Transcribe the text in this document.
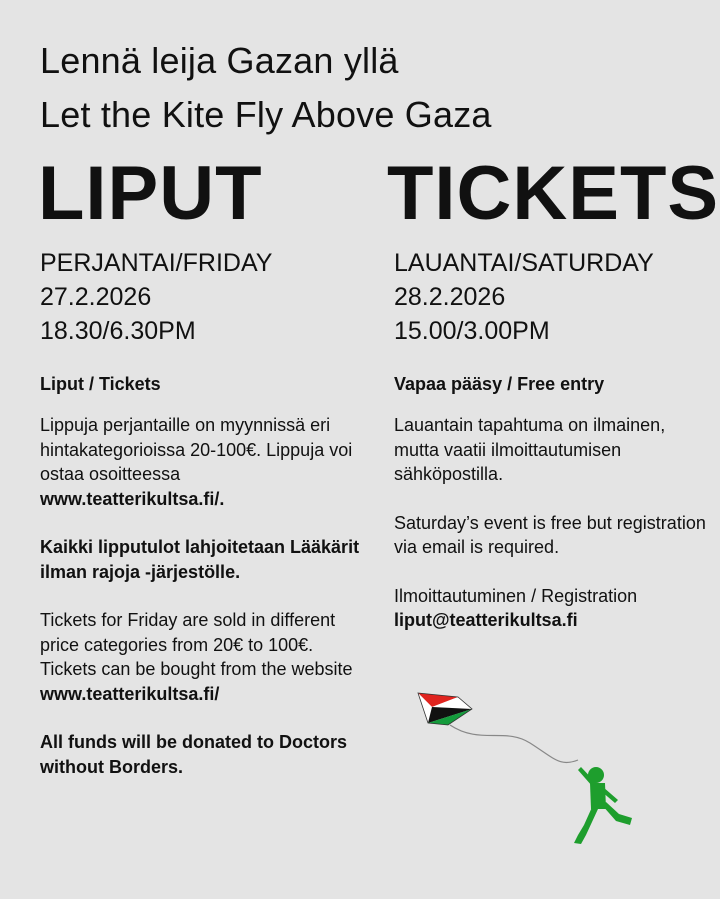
Lennä leija Gazan yllä
Let the Kite Fly Above Gaza
LIPUT TICKETS
PERJANTAI/FRIDAY
27.2.2026
18.30/6.30PM
Liput / Tickets

Lippuja perjantaille on myynnissä eri hintakategorioissa 20-100€. Lippuja voi ostaa osoitteessa www.teatterikultsa.fi/.

Kaikki lipputulot lahjoitetaan Lääkärit ilman rajoja -järjestölle.

Tickets for Friday are sold in different price categories from 20€ to 100€. Tickets can be bought from the website www.teatterikultsa.fi/

All funds will be donated to Doctors without Borders.

LAUANTAI/SATURDAY
28.2.2026
15.00/3.00PM
Vapaa pääsy / Free entry

Lauantain tapahtuma on ilmainen, mutta vaatii ilmoittautumisen sähköpostilla.

Saturday’s event is free but registration via email is required.

Ilmoittautuminen / Registration
liput@teatterikultsa.fi
